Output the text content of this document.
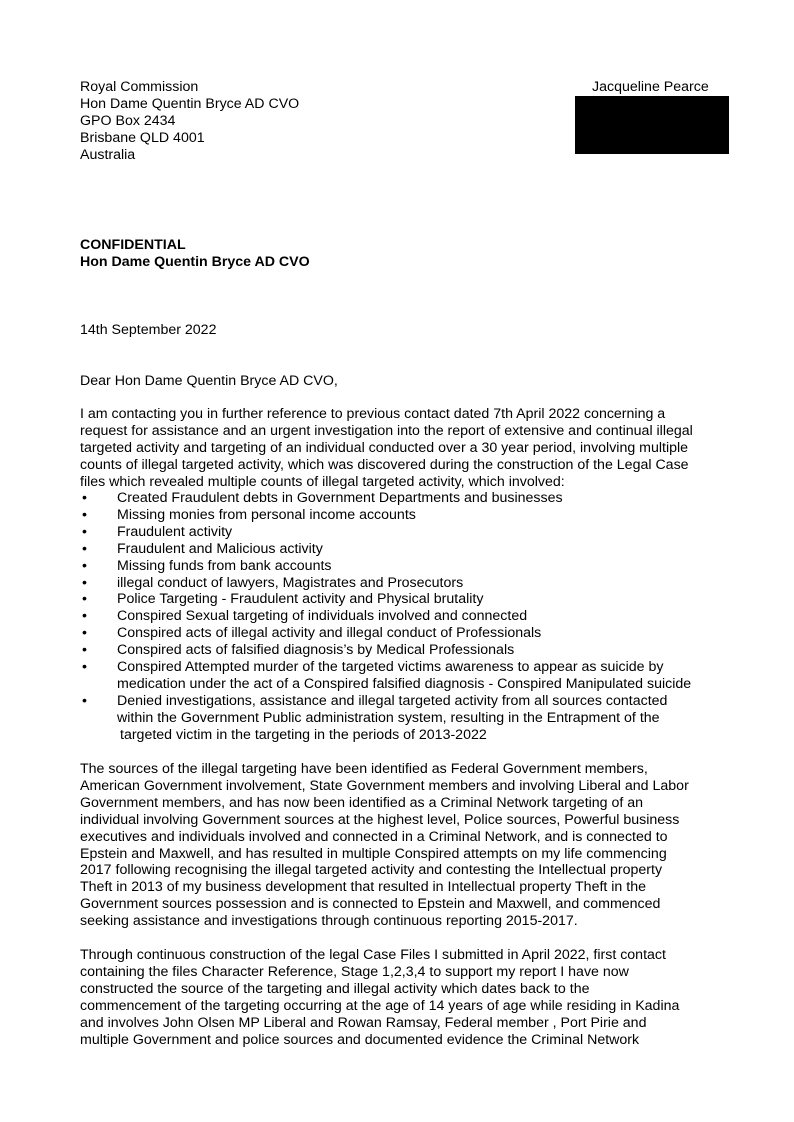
Royal Commission
Hon Dame Quentin Bryce AD CVO
GPO Box 2434
Brisbane QLD 4001
Australia
Jacqueline Pearce
CONFIDENTIAL
Hon Dame Quentin Bryce AD CVO
14th September 2022
Dear Hon Dame Quentin Bryce AD CVO,
I am contacting you in further reference to previous contact dated 7th April 2022 concerning a
request for assistance and an urgent investigation into the report of extensive and continual illegal
targeted activity and targeting of an individual conducted over a 30 year period, involving multiple
counts of illegal targeted activity, which was discovered during the construction of the Legal Case
files which revealed multiple counts of illegal targeted activity, which involved:
• Created Fraudulent debts in Government Departments and businesses
• Missing monies from personal income accounts
• Fraudulent activity
• Fraudulent and Malicious activity
• Missing funds from bank accounts
• illegal conduct of lawyers, Magistrates and Prosecutors
• Police Targeting - Fraudulent activity and Physical brutality
• Conspired Sexual targeting of individuals involved and connected
• Conspired acts of illegal activity and illegal conduct of Professionals
• Conspired acts of falsified diagnosis’s by Medical Professionals
• Conspired Attempted murder of the targeted victims awareness to appear as suicide by
medication under the act of a Conspired falsified diagnosis - Conspired Manipulated suicide
• Denied investigations, assistance and illegal targeted activity from all sources contacted
within the Government Public administration system, resulting in the Entrapment of the
targeted victim in the targeting in the periods of 2013-2022
The sources of the illegal targeting have been identified as Federal Government members,
American Government involvement, State Government members and involving Liberal and Labor
Government members, and has now been identified as a Criminal Network targeting of an
individual involving Government sources at the highest level, Police sources, Powerful business
executives and individuals involved and connected in a Criminal Network, and is connected to
Epstein and Maxwell, and has resulted in multiple Conspired attempts on my life commencing
2017 following recognising the illegal targeted activity and contesting the Intellectual property
Theft in 2013 of my business development that resulted in Intellectual property Theft in the
Government sources possession and is connected to Epstein and Maxwell, and commenced
seeking assistance and investigations through continuous reporting 2015-2017.
Through continuous construction of the legal Case Files I submitted in April 2022, first contact
containing the files Character Reference, Stage 1,2,3,4 to support my report I have now
constructed the source of the targeting and illegal activity which dates back to the
commencement of the targeting occurring at the age of 14 years of age while residing in Kadina
and involves John Olsen MP Liberal and Rowan Ramsay, Federal member , Port Pirie and
multiple Government and police sources and documented evidence the Criminal Network
